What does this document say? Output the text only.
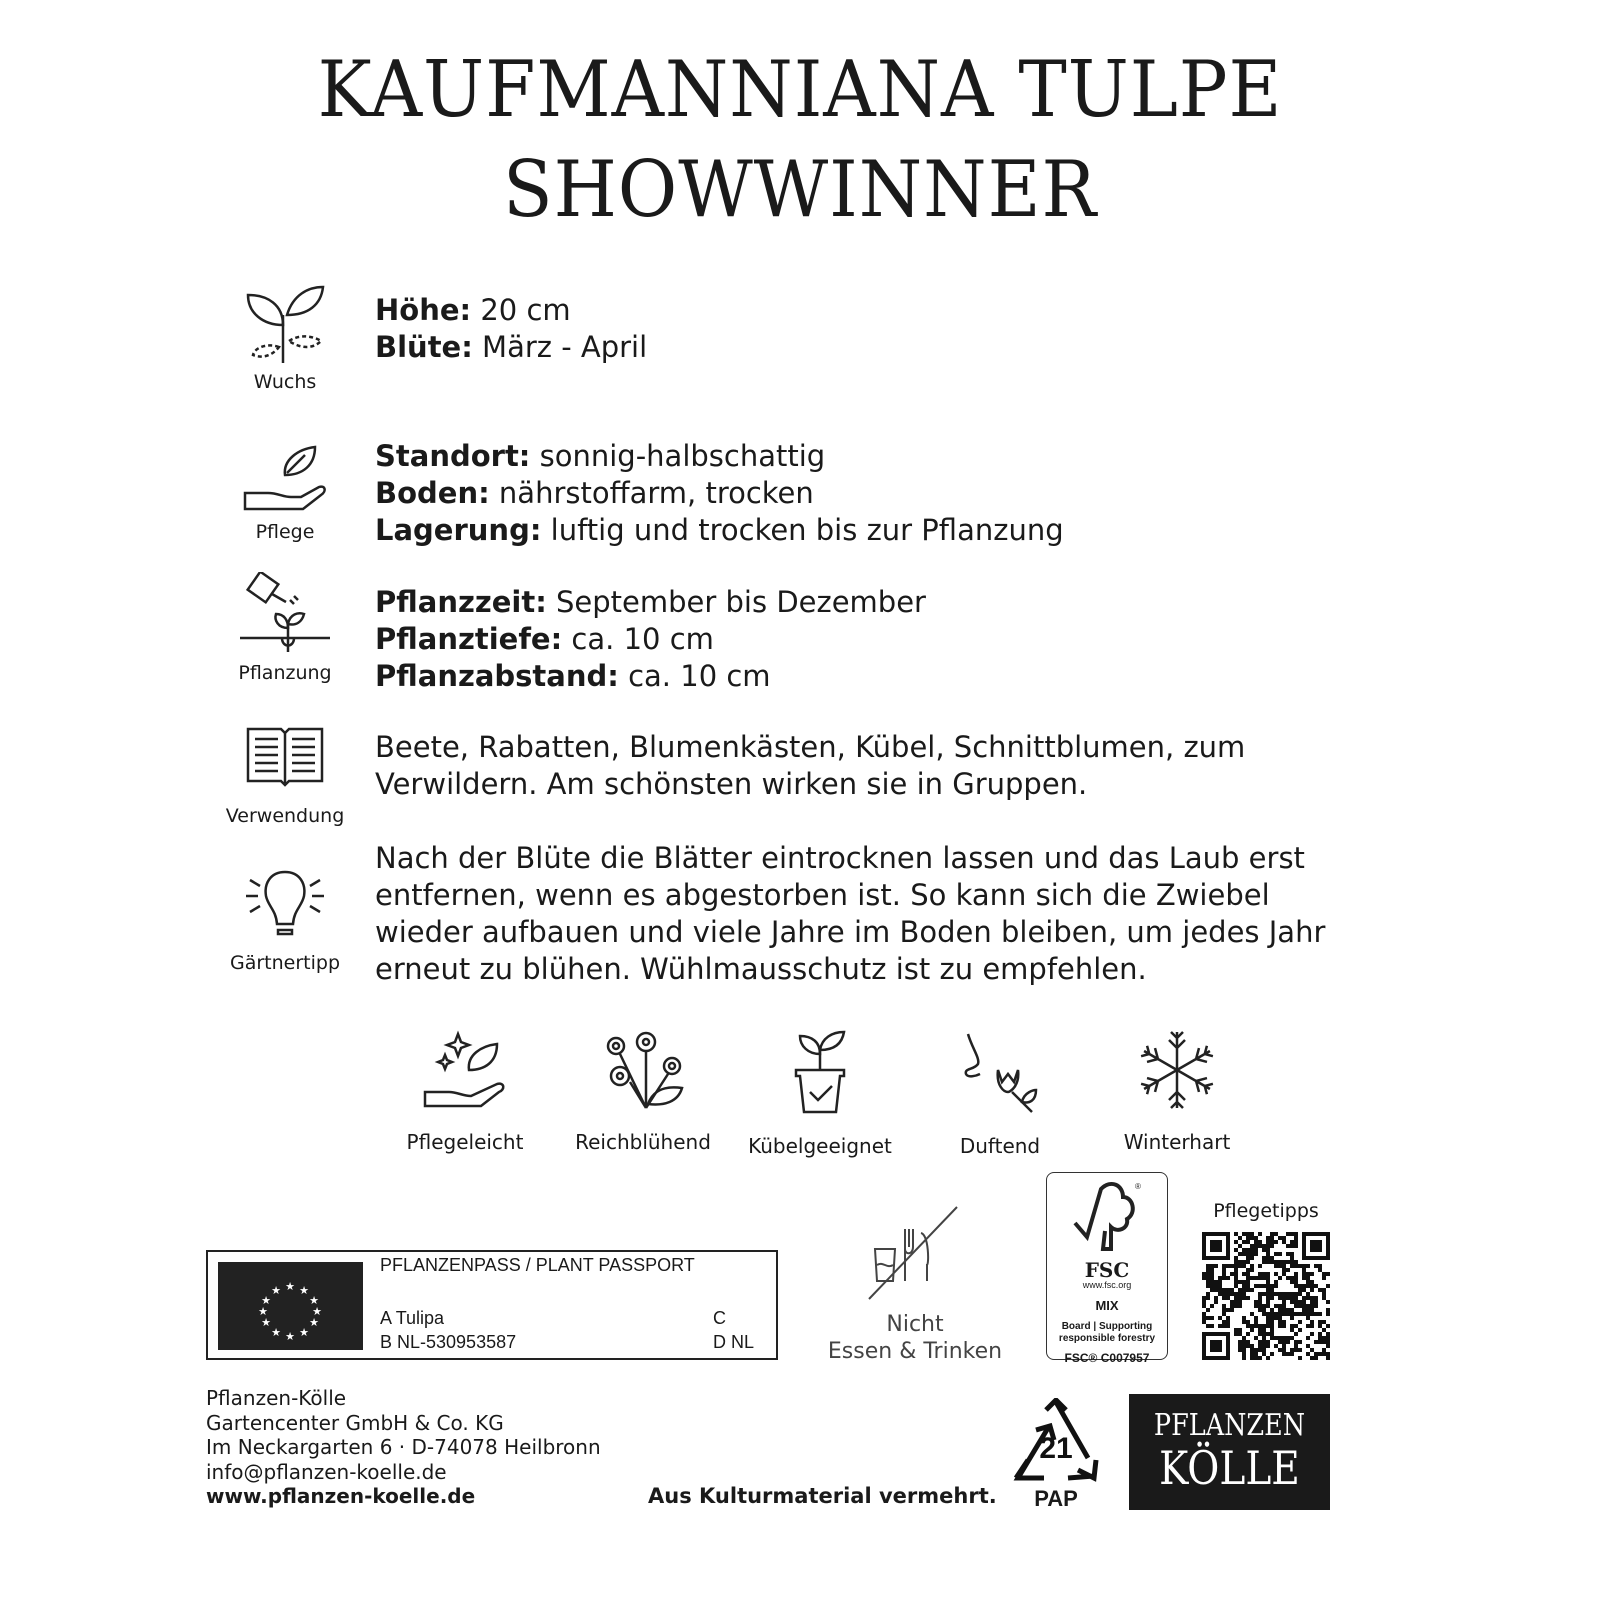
KAUFMANNIANA TULPE
SHOWWINNER
Wuchs
Höhe: 20 cm
Blüte: März - April
Pflege
Standort: sonnig-halbschattig
Boden: nährstoffarm, trocken
Lagerung: luftig und trocken bis zur Pflanzung
Pflanzung
Pflanzzeit: September bis Dezember
Pflanztiefe: ca. 10 cm
Pflanzabstand: ca. 10 cm
Verwendung
Beete, Rabatten, Blumenkästen, Kübel, Schnittblumen, zum Verwildern. Am schönsten wirken sie in Gruppen.
Gärtnertipp
Nach der Blüte die Blätter eintrocknen lassen und das Laub erst entfernen, wenn es abgestorben ist. So kann sich die Zwiebel wieder aufbauen und viele Jahre im Boden bleiben, um jedes Jahr erneut zu blühen. Wühlmausschutz ist zu empfehlen.
Pflegeleicht	Reichblühend	Kübelgeeignet	Duftend	Winterhart
★ ★
★
★
★
★
★
★
★
★
★
★
PFLANZENPASS / PLANT PASSPORT
A Tulipa
B NL-530953587
C
D NL
Nicht
Essen & Trinken
®
FSC
www.fsc.org
MIX
Board | Supporting responsible forestry
FSC® C007957
Pflegetipps
Pflanzen-Kölle
Gartencenter GmbH & Co. KG
Im Neckargarten 6 · D-74078 Heilbronn
info@pflanzen-koelle.de
www.pflanzen-koelle.de	Aus Kulturmaterial vermehrt.
21
PAP
PFLANZEN
KÖLLE
